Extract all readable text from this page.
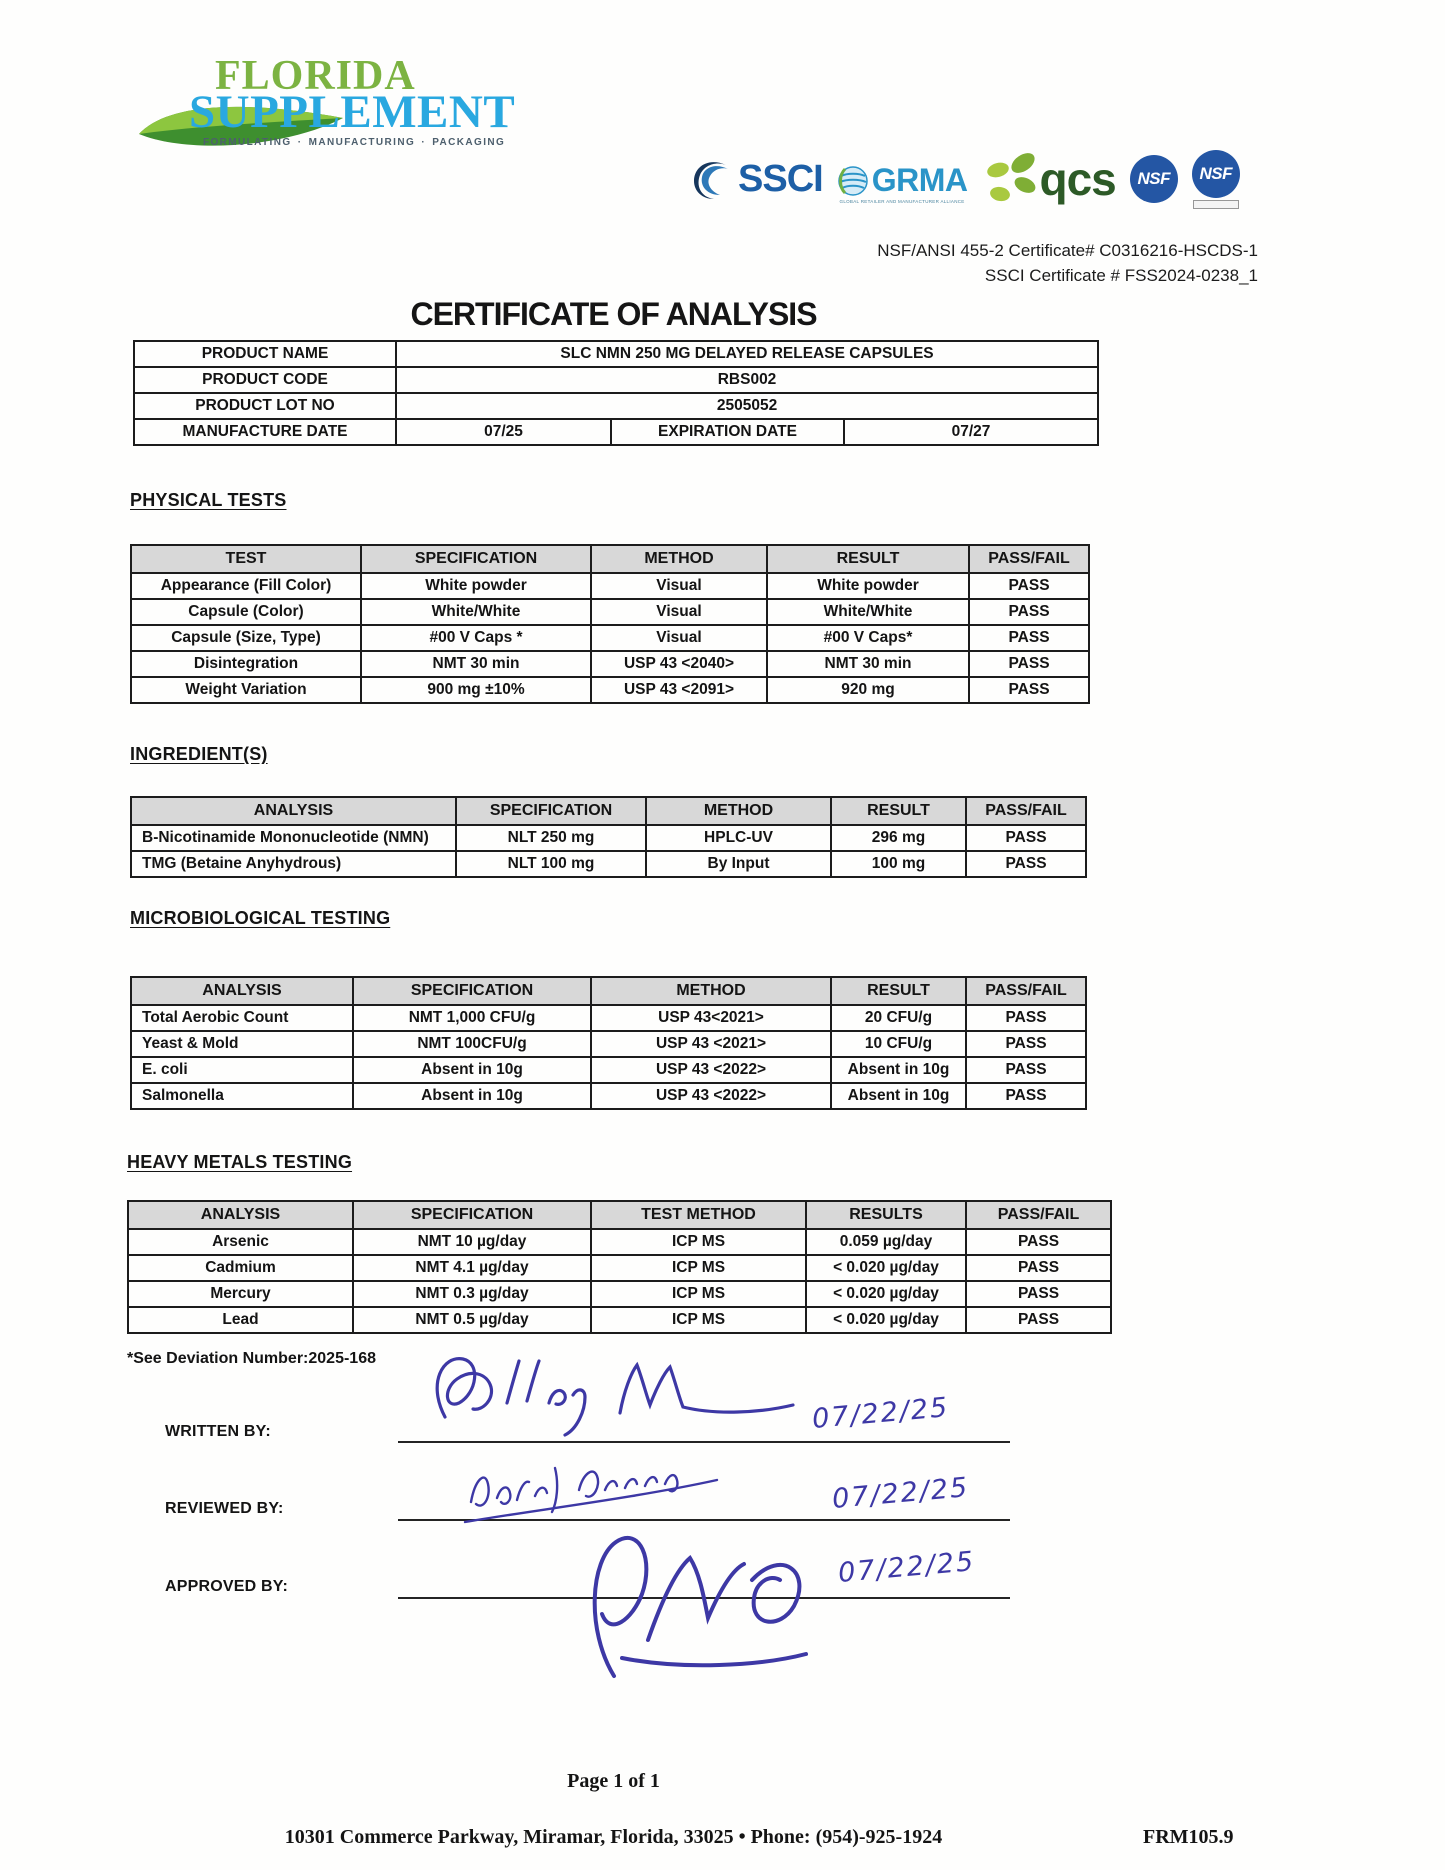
FLORIDA
SUPPLEMENT
FORMULATING · MANUFACTURING · PACKAGING
SSCI GRMA
GLOBAL RETAILER AND MANUFACTURER ALLIANCE qcs	NSF	NSF
NSF/ANSI 455-2 Certificate# C0316216-HSCDS-1
SSCI Certificate # FSS2024-0238_1
CERTIFICATE OF ANALYSIS
PRODUCT NAME	SLC NMN 250 MG DELAYED RELEASE CAPSULES		
PRODUCT CODE	RBS002		
PRODUCT LOT NO	2505052		
MANUFACTURE DATE	07/25	EXPIRATION DATE	07/27
PHYSICAL TESTS
TEST	SPECIFICATION	METHOD	RESULT	PASS/FAIL
Appearance (Fill Color)	White powder	Visual	White powder	PASS
Capsule (Color)	White/White	Visual	White/White	PASS
Capsule (Size, Type)	#00 V Caps *	Visual	#00 V Caps*	PASS
Disintegration	NMT 30 min	USP 43 <2040>	NMT 30 min	PASS
Weight Variation	900 mg ±10%	USP 43 <2091>	920 mg	PASS
INGREDIENT(S)
ANALYSIS	SPECIFICATION	METHOD	RESULT	PASS/FAIL
B-Nicotinamide Mononucleotide (NMN)	NLT 250 mg	HPLC-UV	296 mg	PASS
TMG (Betaine Anyhydrous)	NLT 100 mg	By Input	100 mg	PASS
MICROBIOLOGICAL TESTING
ANALYSIS	SPECIFICATION	METHOD	RESULT	PASS/FAIL
Total Aerobic Count	NMT 1,000 CFU/g	USP 43<2021>	20 CFU/g	PASS
Yeast & Mold	NMT 100CFU/g	USP 43 <2021>	10 CFU/g	PASS
E. coli	Absent in 10g	USP 43 <2022>	Absent in 10g	PASS
Salmonella	Absent in 10g	USP 43 <2022>	Absent in 10g	PASS
HEAVY METALS TESTING
ANALYSIS	SPECIFICATION	TEST METHOD	RESULTS	PASS/FAIL
Arsenic	NMT 10 µg/day	ICP MS	0.059 µg/day	PASS
Cadmium	NMT 4.1 µg/day	ICP MS	< 0.020 µg/day	PASS
Mercury	NMT 0.3 µg/day	ICP MS	< 0.020 µg/day	PASS
Lead	NMT 0.5 µg/day	ICP MS	< 0.020 µg/day	PASS
*See Deviation Number:2025-168
WRITTEN BY:
REVIEWED BY:
APPROVED BY:
07/22/25
07/22/25
07/22/25
Page 1 of 1
10301 Commerce Parkway, Miramar, Florida, 33025 • Phone: (954)-925-1924	FRM105.9
